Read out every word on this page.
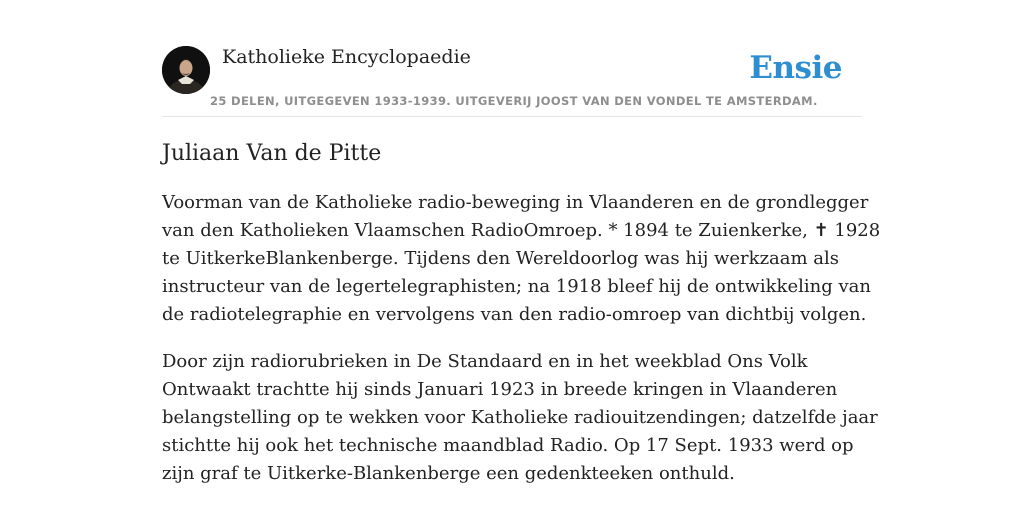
Katholieke Encyclopaedie	Ensie
25 DELEN, UITGEGEVEN 1933-1939. UITGEVERIJ JOOST VAN DEN VONDEL TE AMSTERDAM.
Juliaan Van de Pitte

Voorman van de Katholieke radio-beweging in Vlaanderen en de grondlegger van den Katholieken Vlaamschen RadioOmroep. * 1894 te Zuienkerke, ✝ 1928 te UitkerkeBlankenberge. Tijdens den Wereldoorlog was hij werkzaam als instructeur van de legertelegraphisten; na 1918 bleef hij de ontwikkeling van de radiotelegraphie en vervolgens van den radio-omroep van dichtbij volgen.

Door zijn radiorubrieken in De Standaard en in het weekblad Ons Volk Ontwaakt trachtte hij sinds Januari 1923 in breede kringen in Vlaanderen belangstelling op te wekken voor Katholieke radiouitzendingen; datzelfde jaar stichtte hij ook het technische maandblad Radio. Op 17 Sept. 1933 werd op zijn graf te Uitkerke-Blankenberge een gedenkteeken onthuld.
